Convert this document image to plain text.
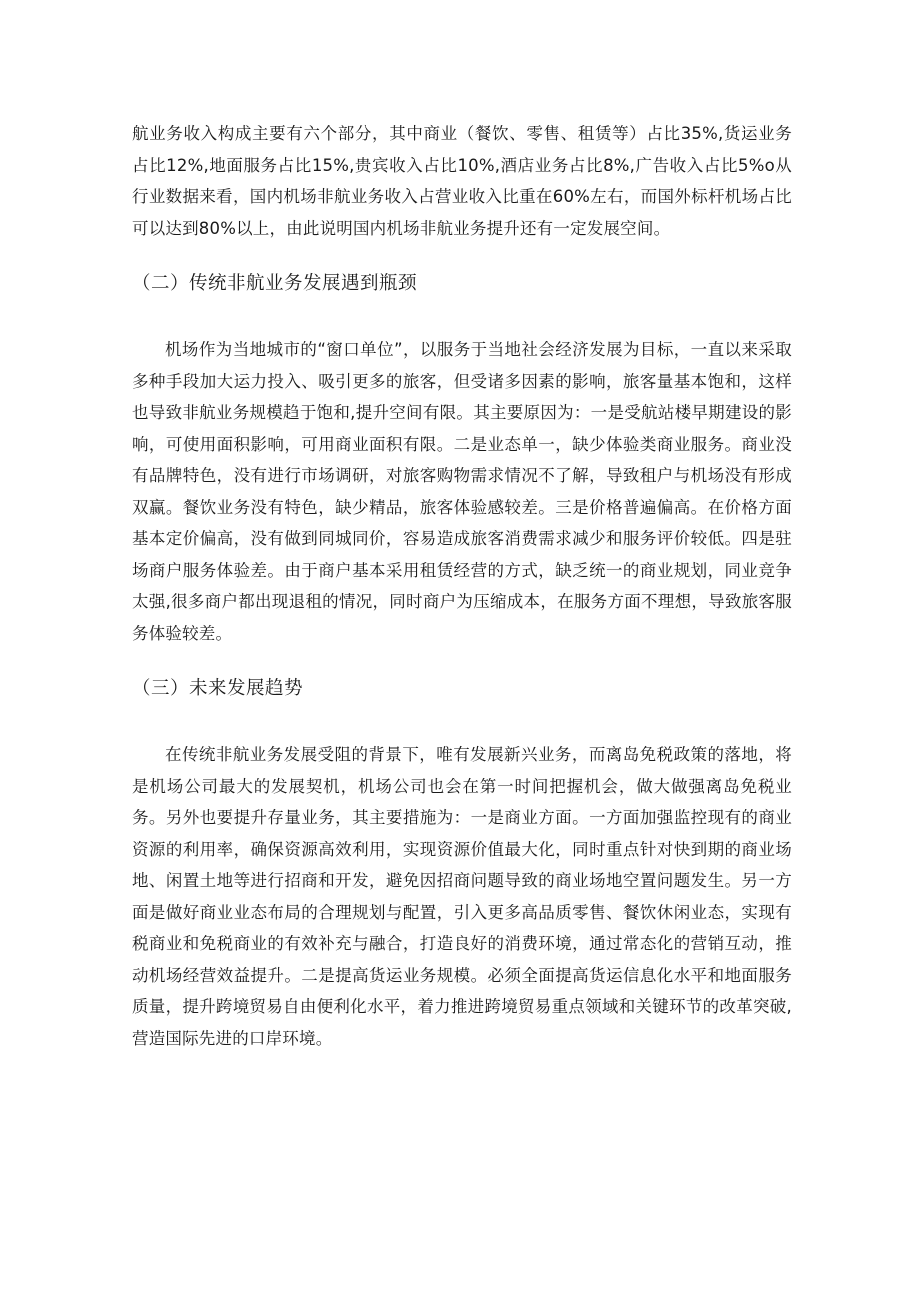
航业务收入构成主要有六个部分，其中商业（餐饮、零售、租赁等）占比35%,货运业务占比12%,地面服务占比15%,贵宾收入占比10%,酒店业务占比8%,广告收入占比5%o从行业数据来看，国内机场非航业务收入占营业收入比重在60%左右，而国外标杆机场占比可以达到80%以上，由此说明国内机场非航业务提升还有一定发展空间。

（二）传统非航业务发展遇到瓶颈

机场作为当地城市的“窗口单位”，以服务于当地社会经济发展为目标，一直以来采取多种手段加大运力投入、吸引更多的旅客，但受诸多因素的影响，旅客量基本饱和，这样也导致非航业务规模趋于饱和,提升空间有限。其主要原因为：一是受航站楼早期建设的影响，可使用面积影响，可用商业面积有限。二是业态单一，缺少体验类商业服务。商业没有品牌特色，没有进行市场调研，对旅客购物需求情况不了解，导致租户与机场没有形成双赢。餐饮业务没有特色，缺少精品，旅客体验感较差。三是价格普遍偏高。在价格方面基本定价偏高，没有做到同城同价，容易造成旅客消费需求减少和服务评价较低。四是驻场商户服务体验差。由于商户基本采用租赁经营的方式，缺乏统一的商业规划，同业竞争太强,很多商户都出现退租的情况，同时商户为压缩成本，在服务方面不理想，导致旅客服务体验较差。

（三）未来发展趋势

在传统非航业务发展受阻的背景下，唯有发展新兴业务，而离岛免税政策的落地，将是机场公司最大的发展契机，机场公司也会在第一时间把握机会，做大做强离岛免税业务。另外也要提升存量业务，其主要措施为：一是商业方面。一方面加强监控现有的商业资源的利用率，确保资源高效利用，实现资源价值最大化，同时重点针对快到期的商业场地、闲置土地等进行招商和开发，避免因招商问题导致的商业场地空置问题发生。另一方面是做好商业业态布局的合理规划与配置，引入更多高品质零售、餐饮休闲业态，实现有税商业和免税商业的有效补充与融合，打造良好的消费环境，通过常态化的营销互动，推动机场经营效益提升。二是提高货运业务规模。必须全面提高货运信息化水平和地面服务质量，提升跨境贸易自由便利化水平，着力推进跨境贸易重点领域和关键环节的改革突破,营造国际先进的口岸环境。
